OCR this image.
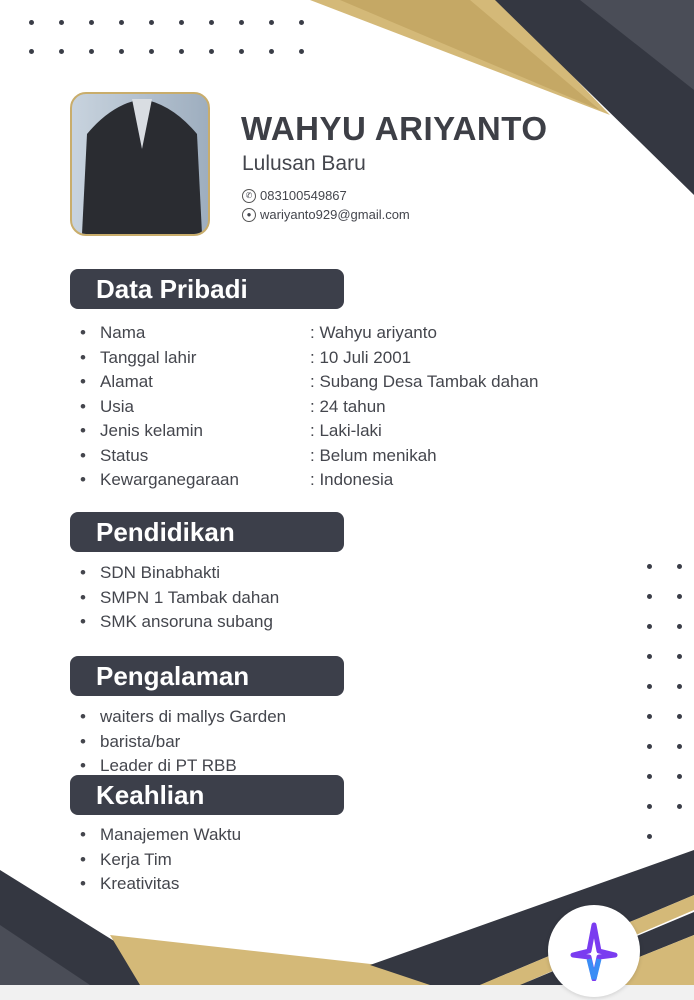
WAHYU ARIYANTO
Lulusan Baru
✆ 083100549867
● wariyanto929@gmail.com
Data Pribadi
• Nama	: Wahyu ariyanto
• Tanggal lahir	: 10 Juli 2001
• Alamat	: Subang Desa Tambak dahan
• Usia	: 24 tahun
• Jenis kelamin	: Laki-laki
• Status	: Belum menikah
• Kewarganegaraan	: Indonesia
Pendidikan
• SDN Binabhakti
• SMPN 1 Tambak dahan
• SMK ansoruna subang
Pengalaman
• waiters di mallys Garden
• barista/bar
• Leader di PT RBB
Keahlian
• Manajemen Waktu
• Kerja Tim
• Kreativitas
